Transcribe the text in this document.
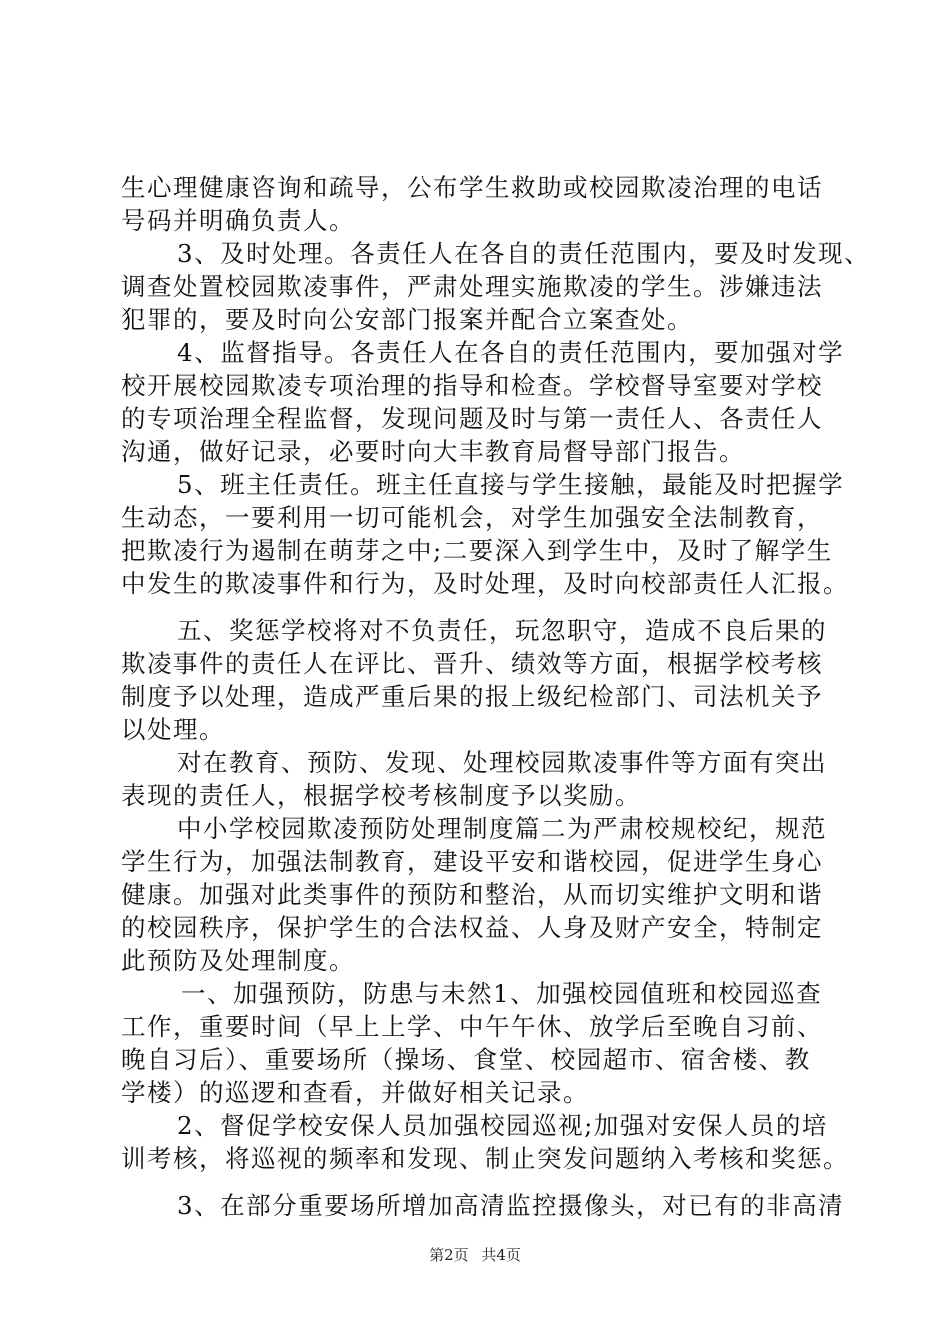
生心理健康咨询和疏导，公布学生救助或校园欺凌治理的电话
号码并明确负责人。
3、及时处理。各责任人在各自的责任范围内，要及时发现、
调查处置校园欺凌事件，严肃处理实施欺凌的学生。涉嫌违法
犯罪的，要及时向公安部门报案并配合立案查处。
4、监督指导。各责任人在各自的责任范围内，要加强对学
校开展校园欺凌专项治理的指导和检查。学校督导室要对学校
的专项治理全程监督，发现问题及时与第一责任人、各责任人
沟通，做好记录，必要时向大丰教育局督导部门报告。
5、班主任责任。班主任直接与学生接触，最能及时把握学
生动态，一要利用一切可能机会，对学生加强安全法制教育，
把欺凌行为遏制在萌芽之中;二要深入到学生中，及时了解学生
中发生的欺凌事件和行为，及时处理，及时向校部责任人汇报。
五、奖惩学校将对不负责任，玩忽职守，造成不良后果的
欺凌事件的责任人在评比、晋升、绩效等方面，根据学校考核
制度予以处理，造成严重后果的报上级纪检部门、司法机关予
以处理。
对在教育、预防、发现、处理校园欺凌事件等方面有突出
表现的责任人，根据学校考核制度予以奖励。
中小学校园欺凌预防处理制度篇二为严肃校规校纪，规范
学生行为，加强法制教育，建设平安和谐校园，促进学生身心
健康。加强对此类事件的预防和整治，从而切实维护文明和谐
的校园秩序，保护学生的合法权益、人身及财产安全，特制定
此预防及处理制度。
一、加强预防，防患与未然1、加强校园值班和校园巡查
工作，重要时间（早上上学、中午午休、放学后至晚自习前、
晚自习后）、重要场所（操场、食堂、校园超市、宿舍楼、教
学楼）的巡逻和查看，并做好相关记录。
2、督促学校安保人员加强校园巡视;加强对安保人员的培
训考核，将巡视的频率和发现、制止突发问题纳入考核和奖惩。
3、在部分重要场所增加高清监控摄像头，对已有的非高清
第2页 共4页
